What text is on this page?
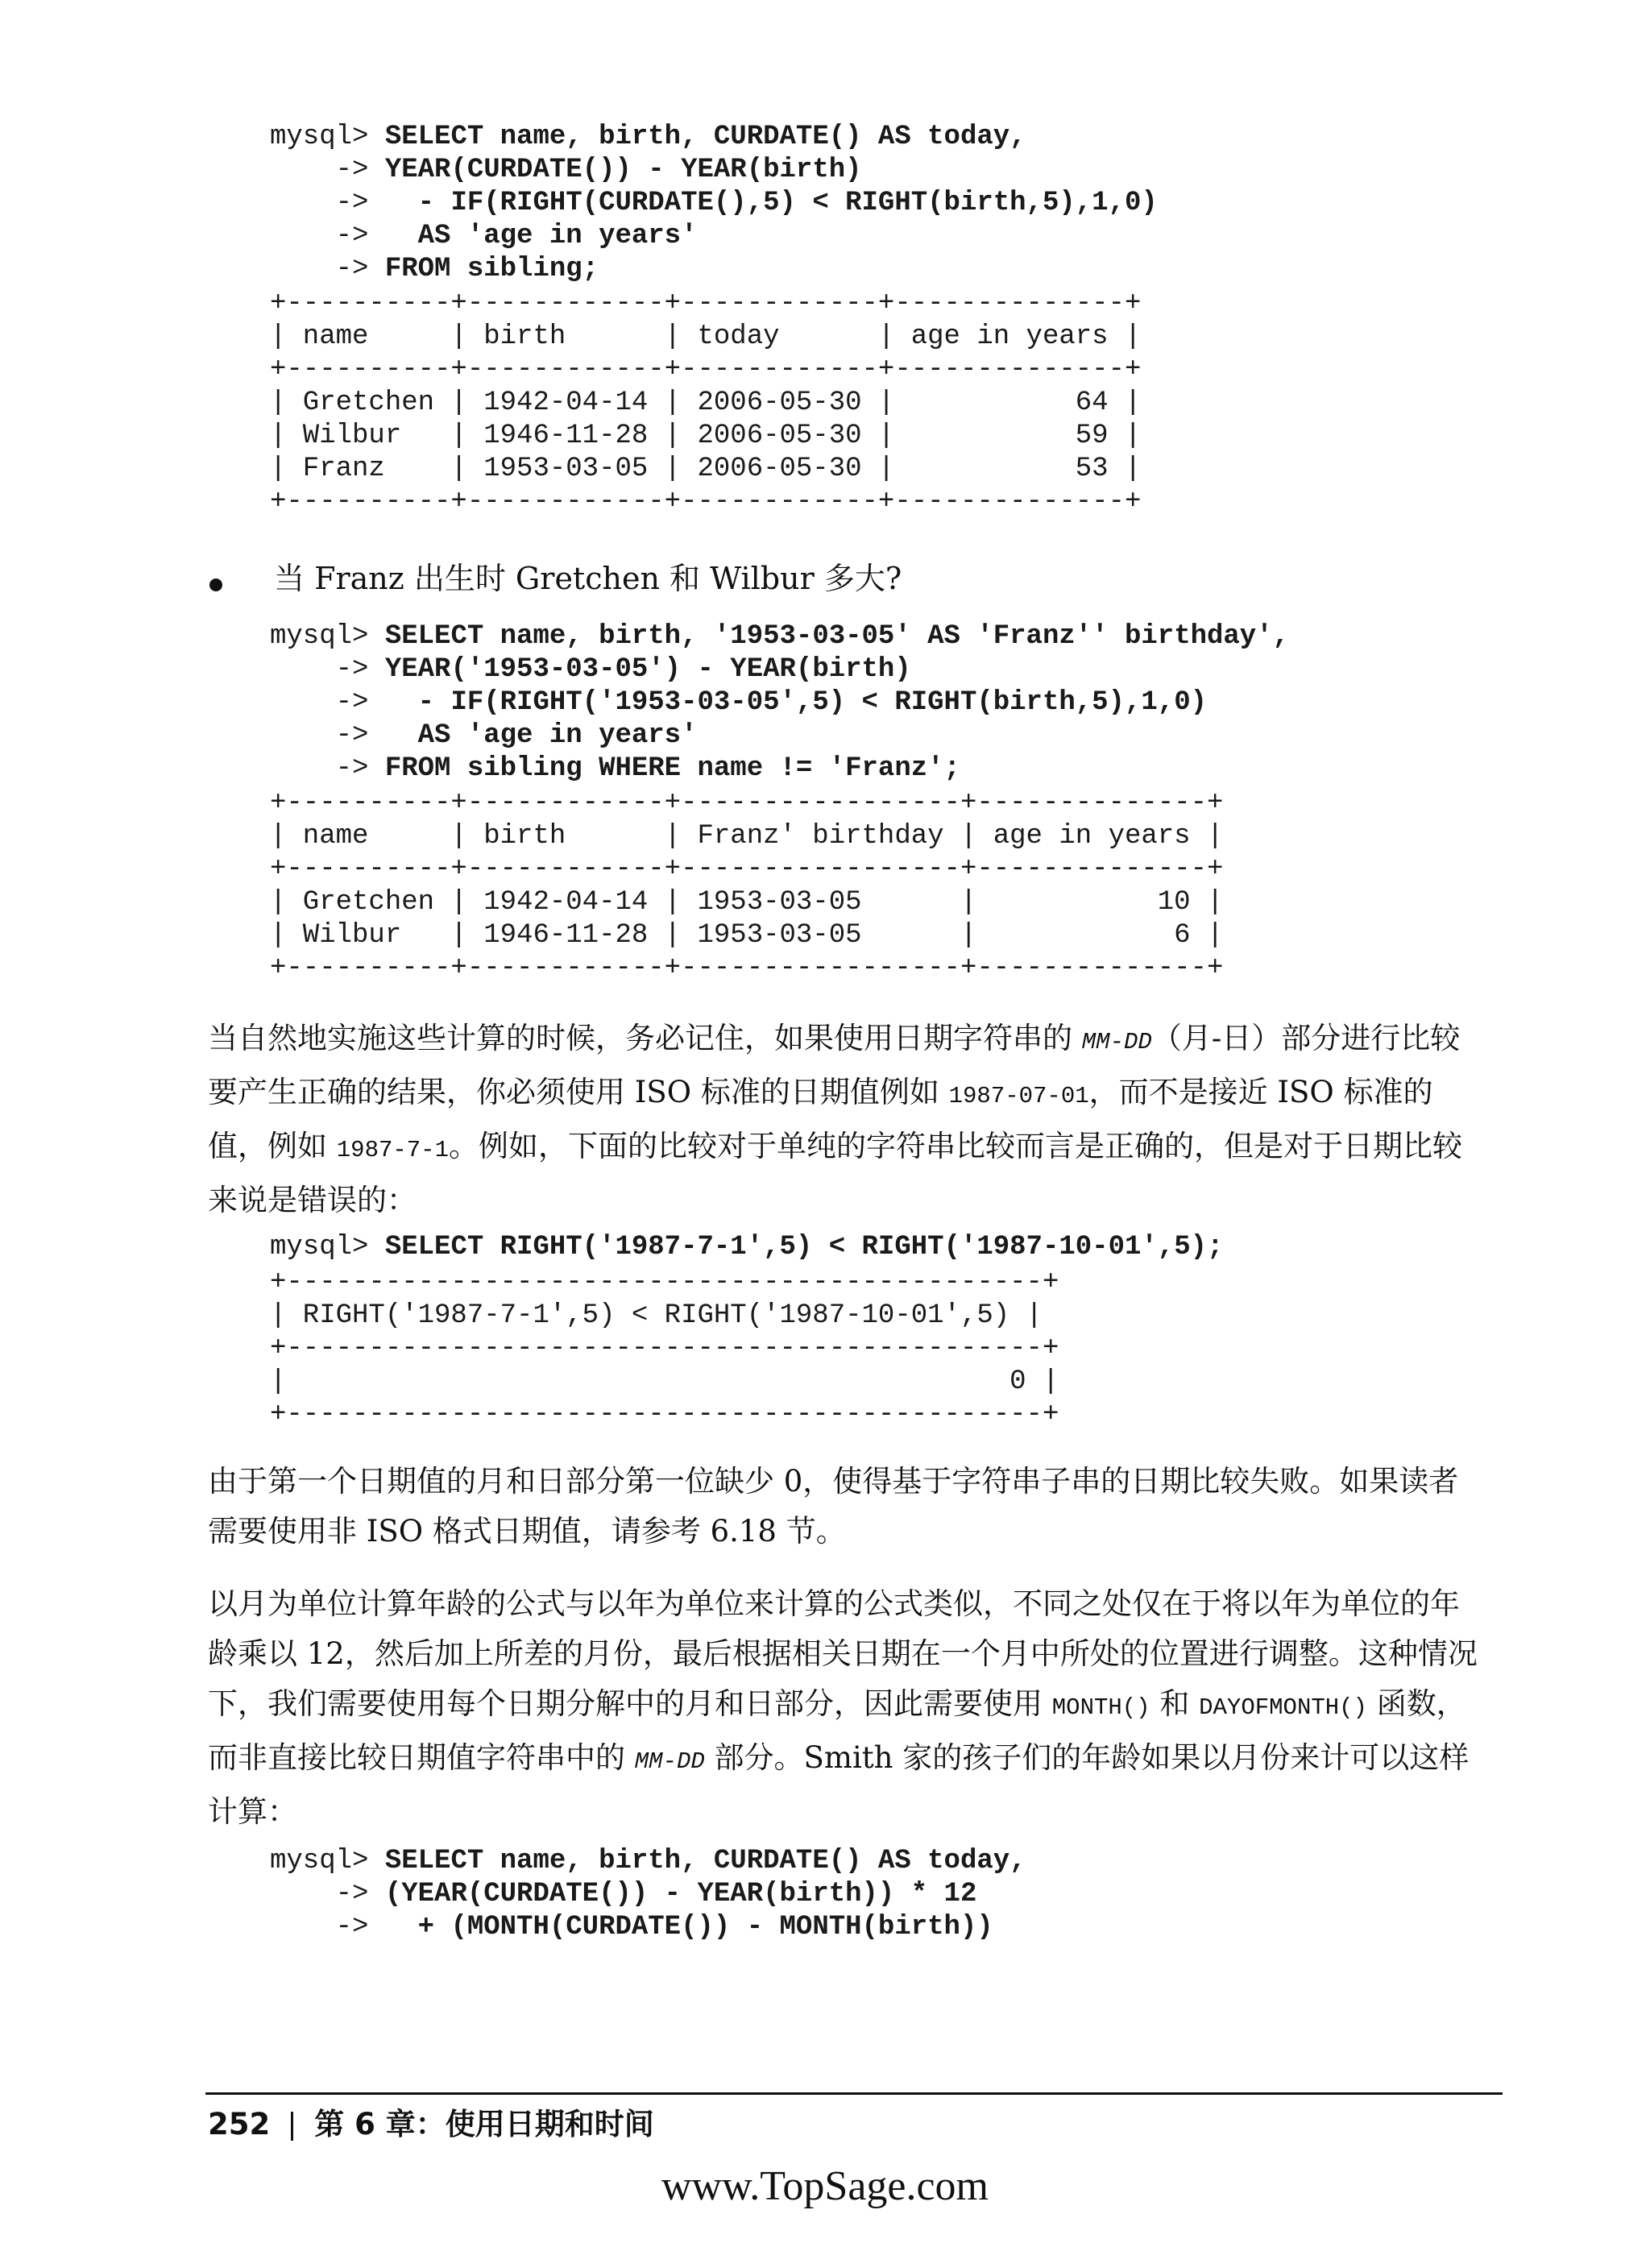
mysql> SELECT name, birth, CURDATE() AS today,
-> YEAR(CURDATE()) - YEAR(birth)
->   - IF(RIGHT(CURDATE(),5) < RIGHT(birth,5),1,0)
->   AS 'age in years'
-> FROM sibling;
+----------+------------+------------+--------------+
| name     | birth      | today      | age in years |
+----------+------------+------------+--------------+
| Gretchen | 1942-04-14 | 2006-05-30 |           64 |
| Wilbur   | 1946-11-28 | 2006-05-30 |           59 |
| Franz    | 1953-03-05 | 2006-05-30 |           53 |
+----------+------------+------------+--------------+

当 Franz 出生时 Gretchen 和 Wilbur 多大?

mysql> SELECT name, birth, '1953-03-05' AS 'Franz'' birthday',
-> YEAR('1953-03-05') - YEAR(birth)
->   - IF(RIGHT('1953-03-05',5) < RIGHT(birth,5),1,0)
->   AS 'age in years'
-> FROM sibling WHERE name != 'Franz';
+----------+------------+-----------------+--------------+
| name     | birth      | Franz' birthday | age in years |
+----------+------------+-----------------+--------------+
| Gretchen | 1942-04-14 | 1953-03-05      |           10 |
| Wilbur   | 1946-11-28 | 1953-03-05      |            6 |
+----------+------------+-----------------+--------------+

当自然地实施这些计算的时候，务必记住，如果使用日期字符串的 MM-DD（月-日）部分进行比较要产生正确的结果，你必须使用 ISO 标准的日期值例如 1987-07-01，而不是接近 ISO 标准的值，例如 1987-7-1。例如，下面的比较对于单纯的字符串比较而言是正确的，但是对于日期比较来说是错误的：

mysql> SELECT RIGHT('1987-7-1',5) < RIGHT('1987-10-01',5);
+----------------------------------------------+
| RIGHT('1987-7-1',5) < RIGHT('1987-10-01',5) |
+----------------------------------------------+
|                                            0 |
+----------------------------------------------+

由于第一个日期值的月和日部分第一位缺少 0，使得基于字符串子串的日期比较失败。如果读者需要使用非 ISO 格式日期值，请参考 6.18 节。

以月为单位计算年龄的公式与以年为单位来计算的公式类似，不同之处仅在于将以年为单位的年龄乘以 12，然后加上所差的月份，最后根据相关日期在一个月中所处的位置进行调整。这种情况下，我们需要使用每个日期分解中的月和日部分，因此需要使用 MONTH() 和 DAYOFMONTH() 函数，而非直接比较日期值字符串中的 MM-DD 部分。Smith 家的孩子们的年龄如果以月份来计可以这样计算：

mysql> SELECT name, birth, CURDATE() AS today,
-> (YEAR(CURDATE()) - YEAR(birth)) * 12
->   + (MONTH(CURDATE()) - MONTH(birth))
252 第 6 章：使用日期和时间
www.TopSage.com
